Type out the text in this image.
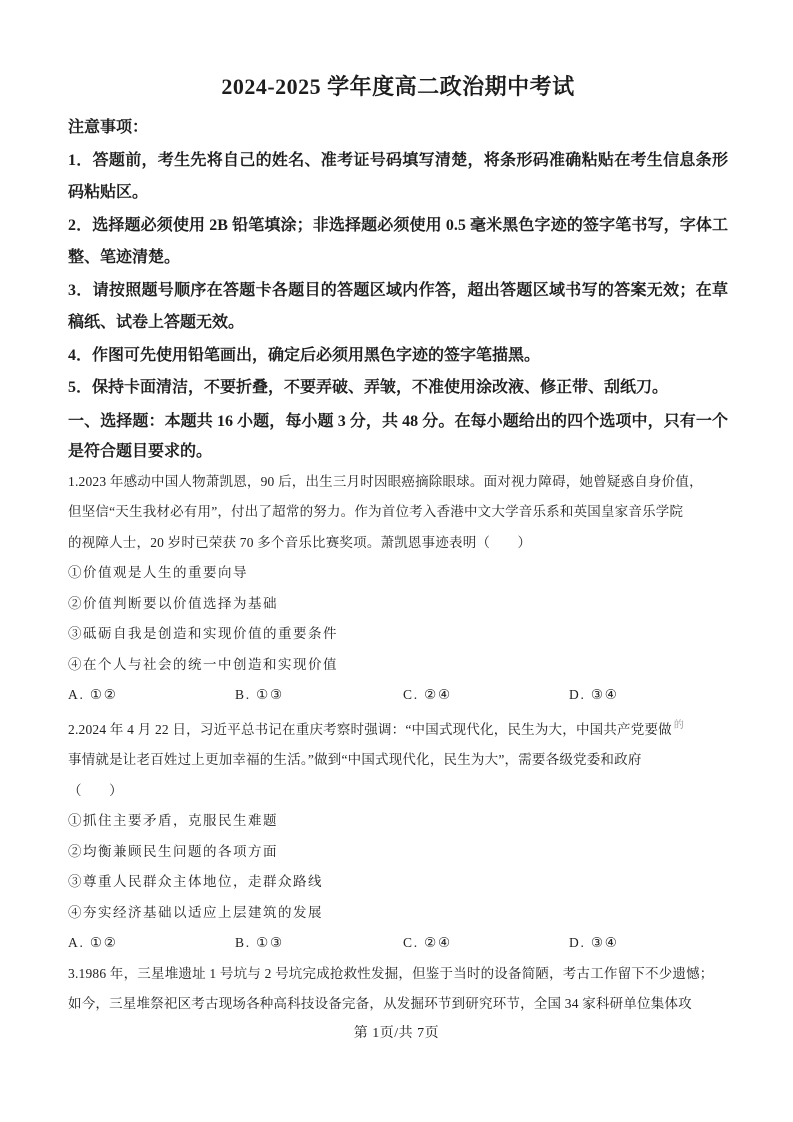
2024-2025 学年度高二政治期中考试

注意事项：

1．答题前，考生先将自己的姓名、准考证号码填写清楚，将条形码准确粘贴在考生信息条形码粘贴区。

2．选择题必须使用 2B 铅笔填涂；非选择题必须使用 0.5 毫米黑色字迹的签字笔书写，字体工整、笔迹清楚。

3．请按照题号顺序在答题卡各题目的答题区域内作答，超出答题区域书写的答案无效；在草稿纸、试卷上答题无效。

4．作图可先使用铅笔画出，确定后必须用黑色字迹的签字笔描黑。

5．保持卡面清洁，不要折叠，不要弄破、弄皱，不准使用涂改液、修正带、刮纸刀。

一、选择题：本题共 16 小题，每小题 3 分，共 48 分。在每小题给出的四个选项中，只有一个是符合题目要求的。
1.2023 年感动中国人物萧凯恩，90 后，出生三月时因眼癌摘除眼球。面对视力障碍，她曾疑惑自身价值，
但坚信“天生我材必有用”，付出了超常的努力。作为首位考入香港中文大学音乐系和英国皇家音乐学院
的视障人士，20 岁时已荣获 70 多个音乐比赛奖项。萧凯恩事迹表明（　　）
①价值观是人生的重要向导
②价值判断要以价值选择为基础
③砥砺自我是创造和实现价值的重要条件
④在个人与社会的统一中创造和实现价值
A. ①②	B. ①③	C. ②④	D. ③④
2.2024 年 4 月 22 日，习近平总书记在重庆考察时强调：“中国式现代化，民生为大，中国共产党要做 $^的$
事情就是让老百姓过上更加幸福的生活。”做到“中国式现代化，民生为大”，需要各级党委和政府
（　　）
①抓住主要矛盾，克服民生难题
②均衡兼顾民生问题的各项方面
③尊重人民群众主体地位，走群众路线
④夯实经济基础以适应上层建筑的发展
A. ①②	B. ①③	C. ②④	D. ③④
3.1986 年，三星堆遗址 1 号坑与 2 号坑完成抢救性发掘，但鉴于当时的设备简陋，考古工作留下不少遗憾；
如今，三星堆祭祀区考古现场各种高科技设备完备，从发掘环节到研究环节，全国 34 家科研单位集体攻
第 1页/共 7页
